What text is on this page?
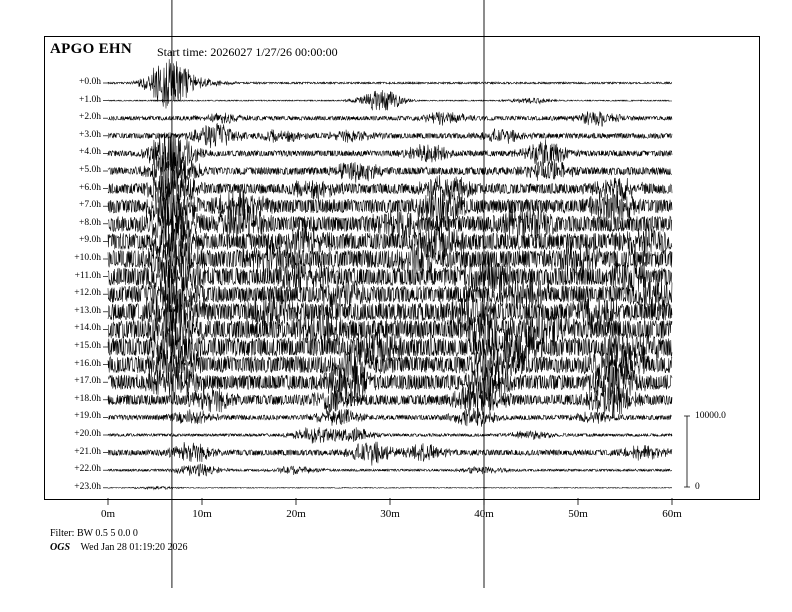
APGO EHN Start time: 2026027 1/27/26 00:00:00
10000.0
0
Filter: BW 0.5 5 0.0 0
OGS Wed Jan 28 01:19:20 2026
+0.0h
+1.0h
+2.0h
+3.0h
+4.0h
+5.0h
+6.0h
+7.0h
+8.0h
+9.0h
+10.0h
+11.0h
+12.0h
+13.0h
+14.0h
+15.0h
+16.0h
+17.0h
+18.0h
+19.0h
+20.0h
+21.0h
+22.0h
+23.0h
0m	10m	20m	30m	40m	50m	60m
